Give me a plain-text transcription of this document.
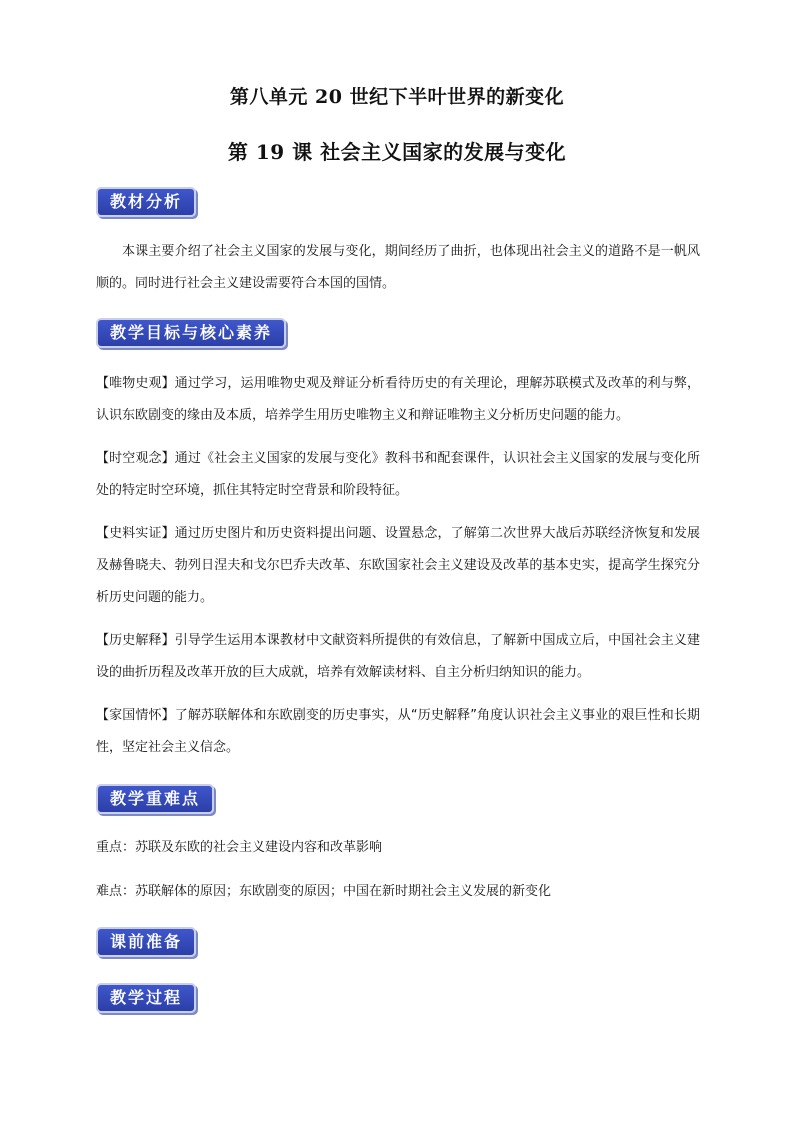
第八单元 20 世纪下半叶世界的新变化
第 19 课 社会主义国家的发展与变化
教材分析
本课主要介绍了社会主义国家的发展与变化，期间经历了曲折，也体现出社会主义的道路不是一帆风顺的。同时进行社会主义建设需要符合本国的国情。
教学目标与核心素养
【唯物史观】通过学习，运用唯物史观及辩证分析看待历史的有关理论，理解苏联模式及改革的利与弊，认识东欧剧变的缘由及本质，培养学生用历史唯物主义和辩证唯物主义分析历史问题的能力。
【时空观念】通过《社会主义国家的发展与变化》教科书和配套课件，认识社会主义国家的发展与变化所处的特定时空环境，抓住其特定时空背景和阶段特征。
【史料实证】通过历史图片和历史资料提出问题、设置悬念，了解第二次世界大战后苏联经济恢复和发展及赫鲁晓夫、勃列日涅夫和戈尔巴乔夫改革、东欧国家社会主义建设及改革的基本史实，提高学生探究分析历史问题的能力。
【历史解释】引导学生运用本课教材中文献资料所提供的有效信息，了解新中国成立后，中国社会主义建设的曲折历程及改革开放的巨大成就，培养有效解读材料、自主分析归纳知识的能力。
【家国情怀】了解苏联解体和东欧剧变的历史事实，从“历史解释”角度认识社会主义事业的艰巨性和长期性，坚定社会主义信念。
教学重难点
重点：苏联及东欧的社会主义建设内容和改革影响
难点：苏联解体的原因；东欧剧变的原因；中国在新时期社会主义发展的新变化
课前准备
教学过程
